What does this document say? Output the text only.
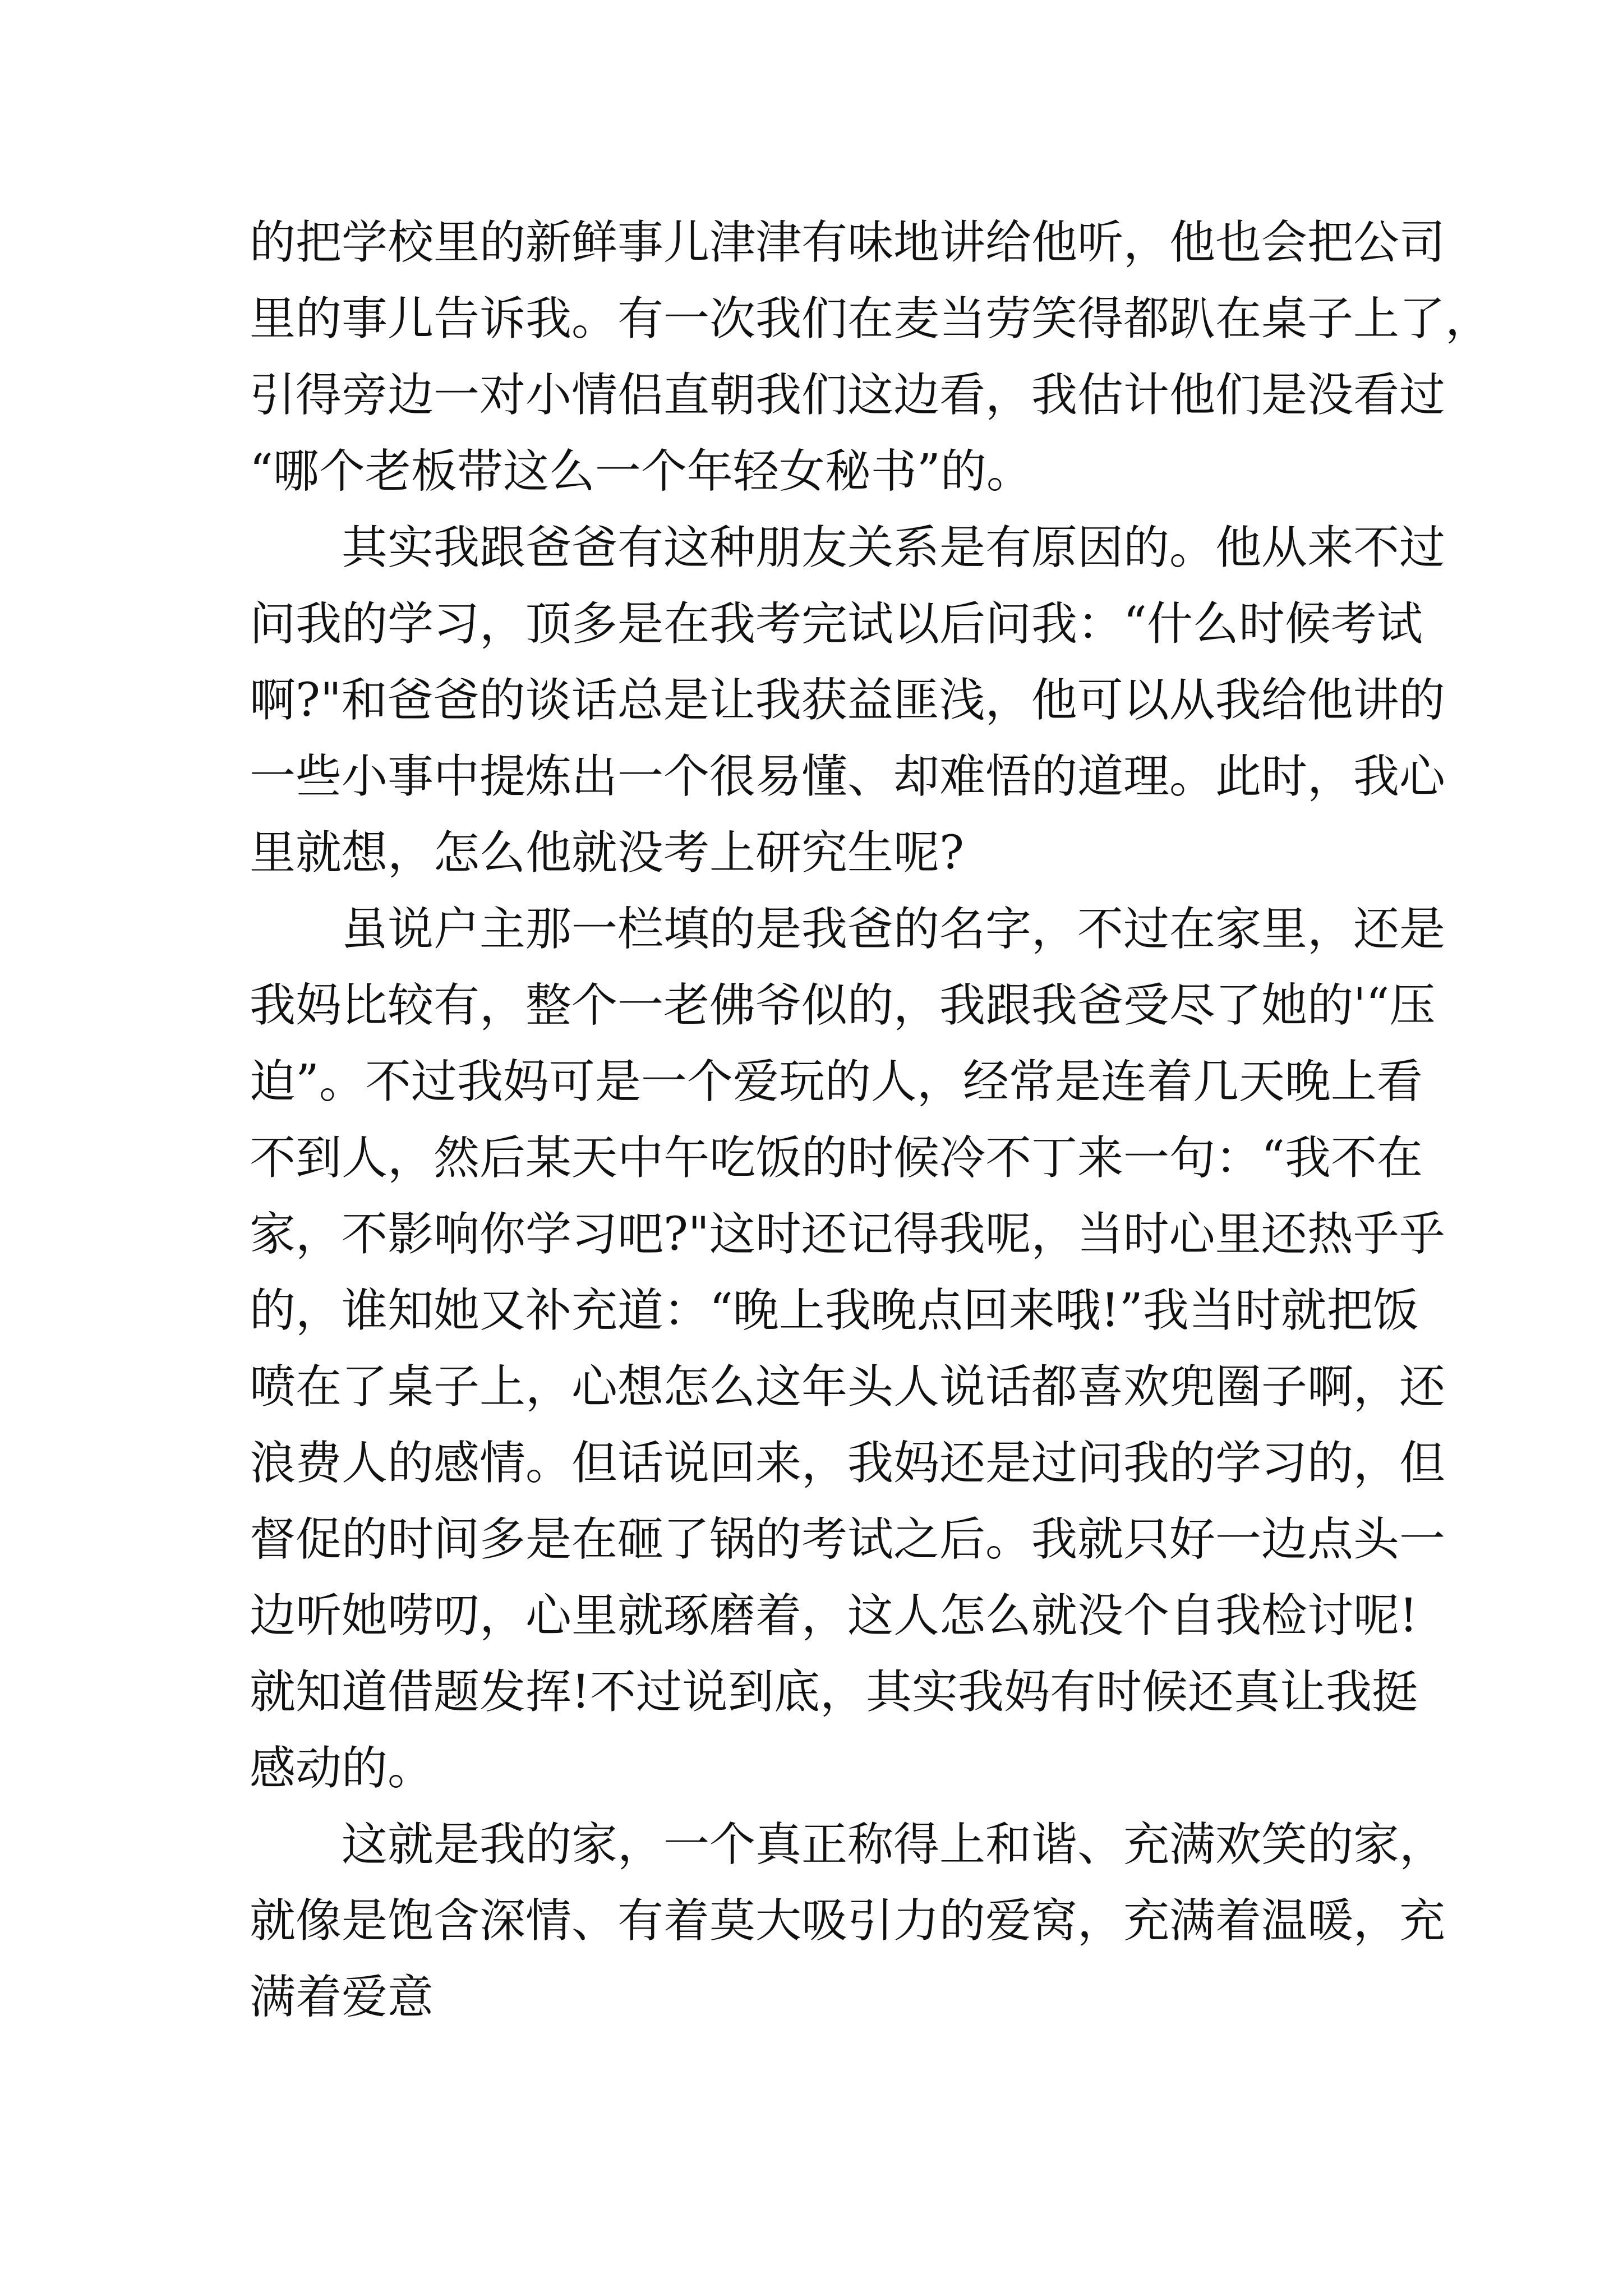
的把学校里的新鲜事儿津津有味地讲给他听，他也会把公司
里的事儿告诉我。有一次我们在麦当劳笑得都趴在桌子上了，
引得旁边一对小情侣直朝我们这边看，我估计他们是没看过
“哪个老板带这么一个年轻女秘书”的。
　　其实我跟爸爸有这种朋友关系是有原因的。他从来不过
问我的学习，顶多是在我考完试以后问我：“什么时候考试
啊?"和爸爸的谈话总是让我获益匪浅，他可以从我给他讲的
一些小事中提炼出一个很易懂、却难悟的道理。此时，我心
里就想，怎么他就没考上研究生呢?
　　虽说户主那一栏填的是我爸的名字，不过在家里，还是
我妈比较有，整个一老佛爷似的，我跟我爸受尽了她的'“压
迫”。不过我妈可是一个爱玩的人，经常是连着几天晚上看
不到人，然后某天中午吃饭的时候冷不丁来一句：“我不在
家，不影响你学习吧?"这时还记得我呢，当时心里还热乎乎
的，谁知她又补充道：“晚上我晚点回来哦!”我当时就把饭
喷在了桌子上，心想怎么这年头人说话都喜欢兜圈子啊，还
浪费人的感情。但话说回来，我妈还是过问我的学习的，但
督促的时间多是在砸了锅的考试之后。我就只好一边点头一
边听她唠叨，心里就琢磨着，这人怎么就没个自我检讨呢!
就知道借题发挥!不过说到底，其实我妈有时候还真让我挺
感动的。
　　这就是我的家，一个真正称得上和谐、充满欢笑的家，
就像是饱含深情、有着莫大吸引力的爱窝，充满着温暖，充
满着爱意
